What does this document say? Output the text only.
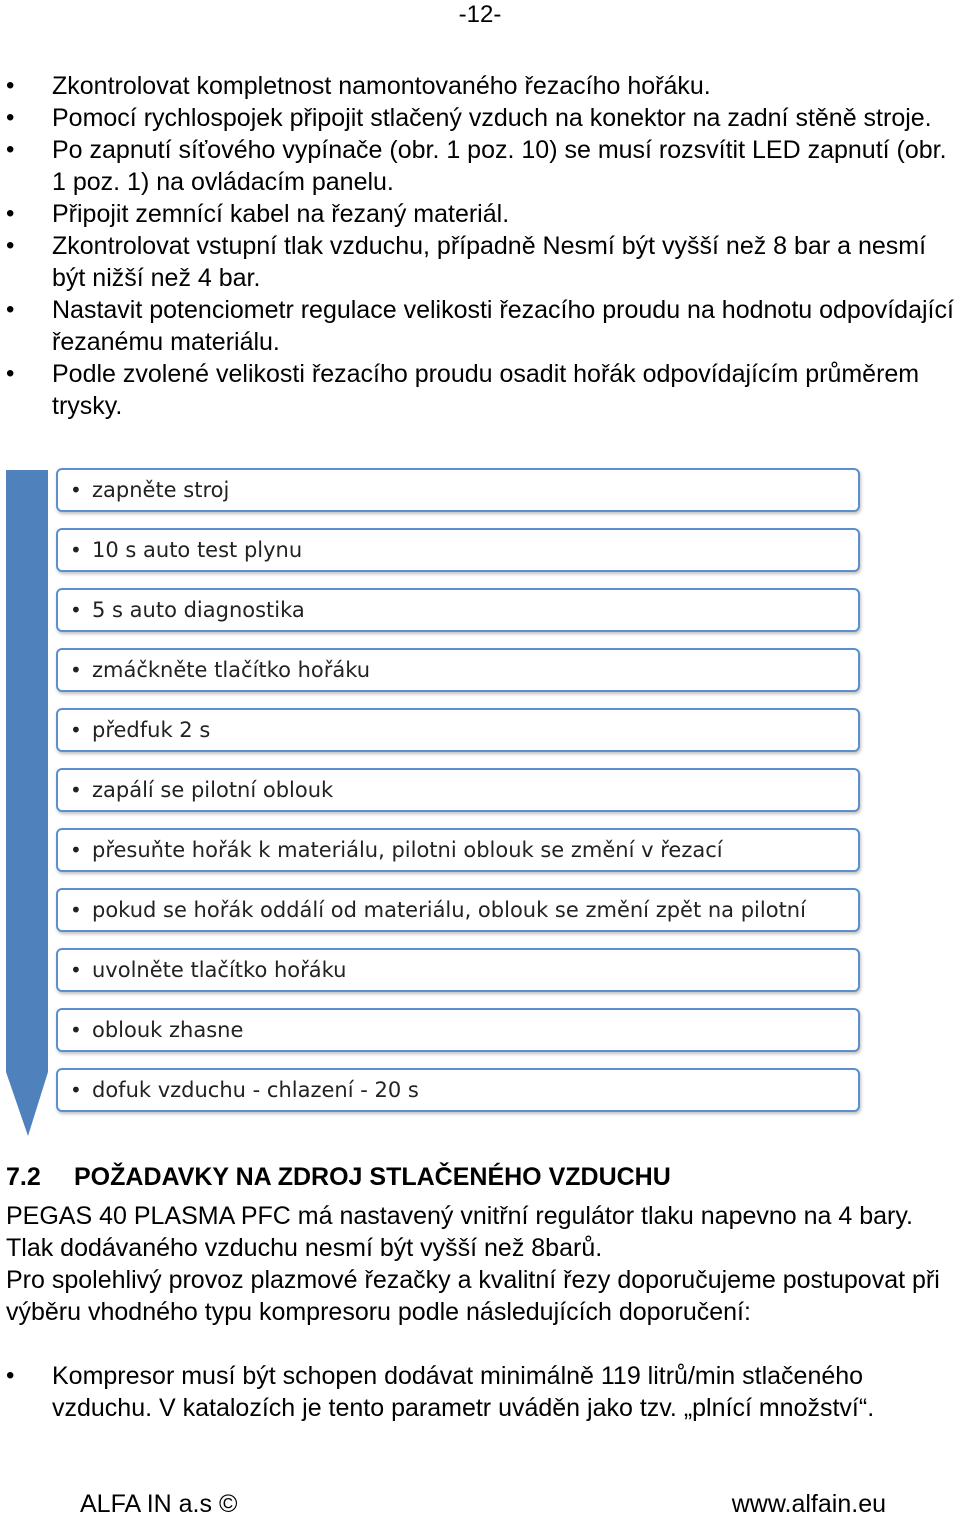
-12-
• Zkontrolovat kompletnost namontovaného řezacího hořáku.
• Pomocí rychlospojek připojit stlačený vzduch na konektor na zadní stěně stroje.
• Po zapnutí síťového vypínače (obr. 1 poz. 10) se musí rozsvítit LED zapnutí (obr. 1 poz. 1) na ovládacím panelu.
• Připojit zemnící kabel na řezaný materiál.
• Zkontrolovat vstupní tlak vzduchu, případně Nesmí být vyšší než 8 bar a nesmí být nižší než 4 bar.
• Nastavit potenciometr regulace velikosti řezacího proudu na hodnotu odpovídající řezanému materiálu.
• Podle zvolené velikosti řezacího proudu osadit hořák odpovídajícím průměrem trysky.
• zapněte stroj
• 10 s auto test plynu
• 5 s auto diagnostika
• zmáčkněte tlačítko hořáku
• předfuk 2 s
• zapálí se pilotní oblouk
• přesuňte hořák k materiálu, pilotni oblouk se změní v řezací
• pokud se hořák oddálí od materiálu, oblouk se změní zpět na pilotní
• uvolněte tlačítko hořáku
• oblouk zhasne
• dofuk vzduchu - chlazení - 20 s
7.2 POŽADAVKY NA ZDROJ STLAČENÉHO VZDUCHU

PEGAS 40 PLASMA PFC má nastavený vnitřní regulátor tlaku napevno na 4 bary. Tlak dodávaného vzduchu nesmí být vyšší než 8barů.

Pro spolehlivý provoz plazmové řezačky a kvalitní řezy doporučujeme postupovat při výběru vhodného typu kompresoru podle následujících doporučení:

• Kompresor musí být schopen dodávat minimálně 119 litrů/min stlačeného vzduchu. V katalozích je tento parametr uváděn jako tzv. „plnící množství“.
ALFA IN a.s ©	www.alfain.eu
